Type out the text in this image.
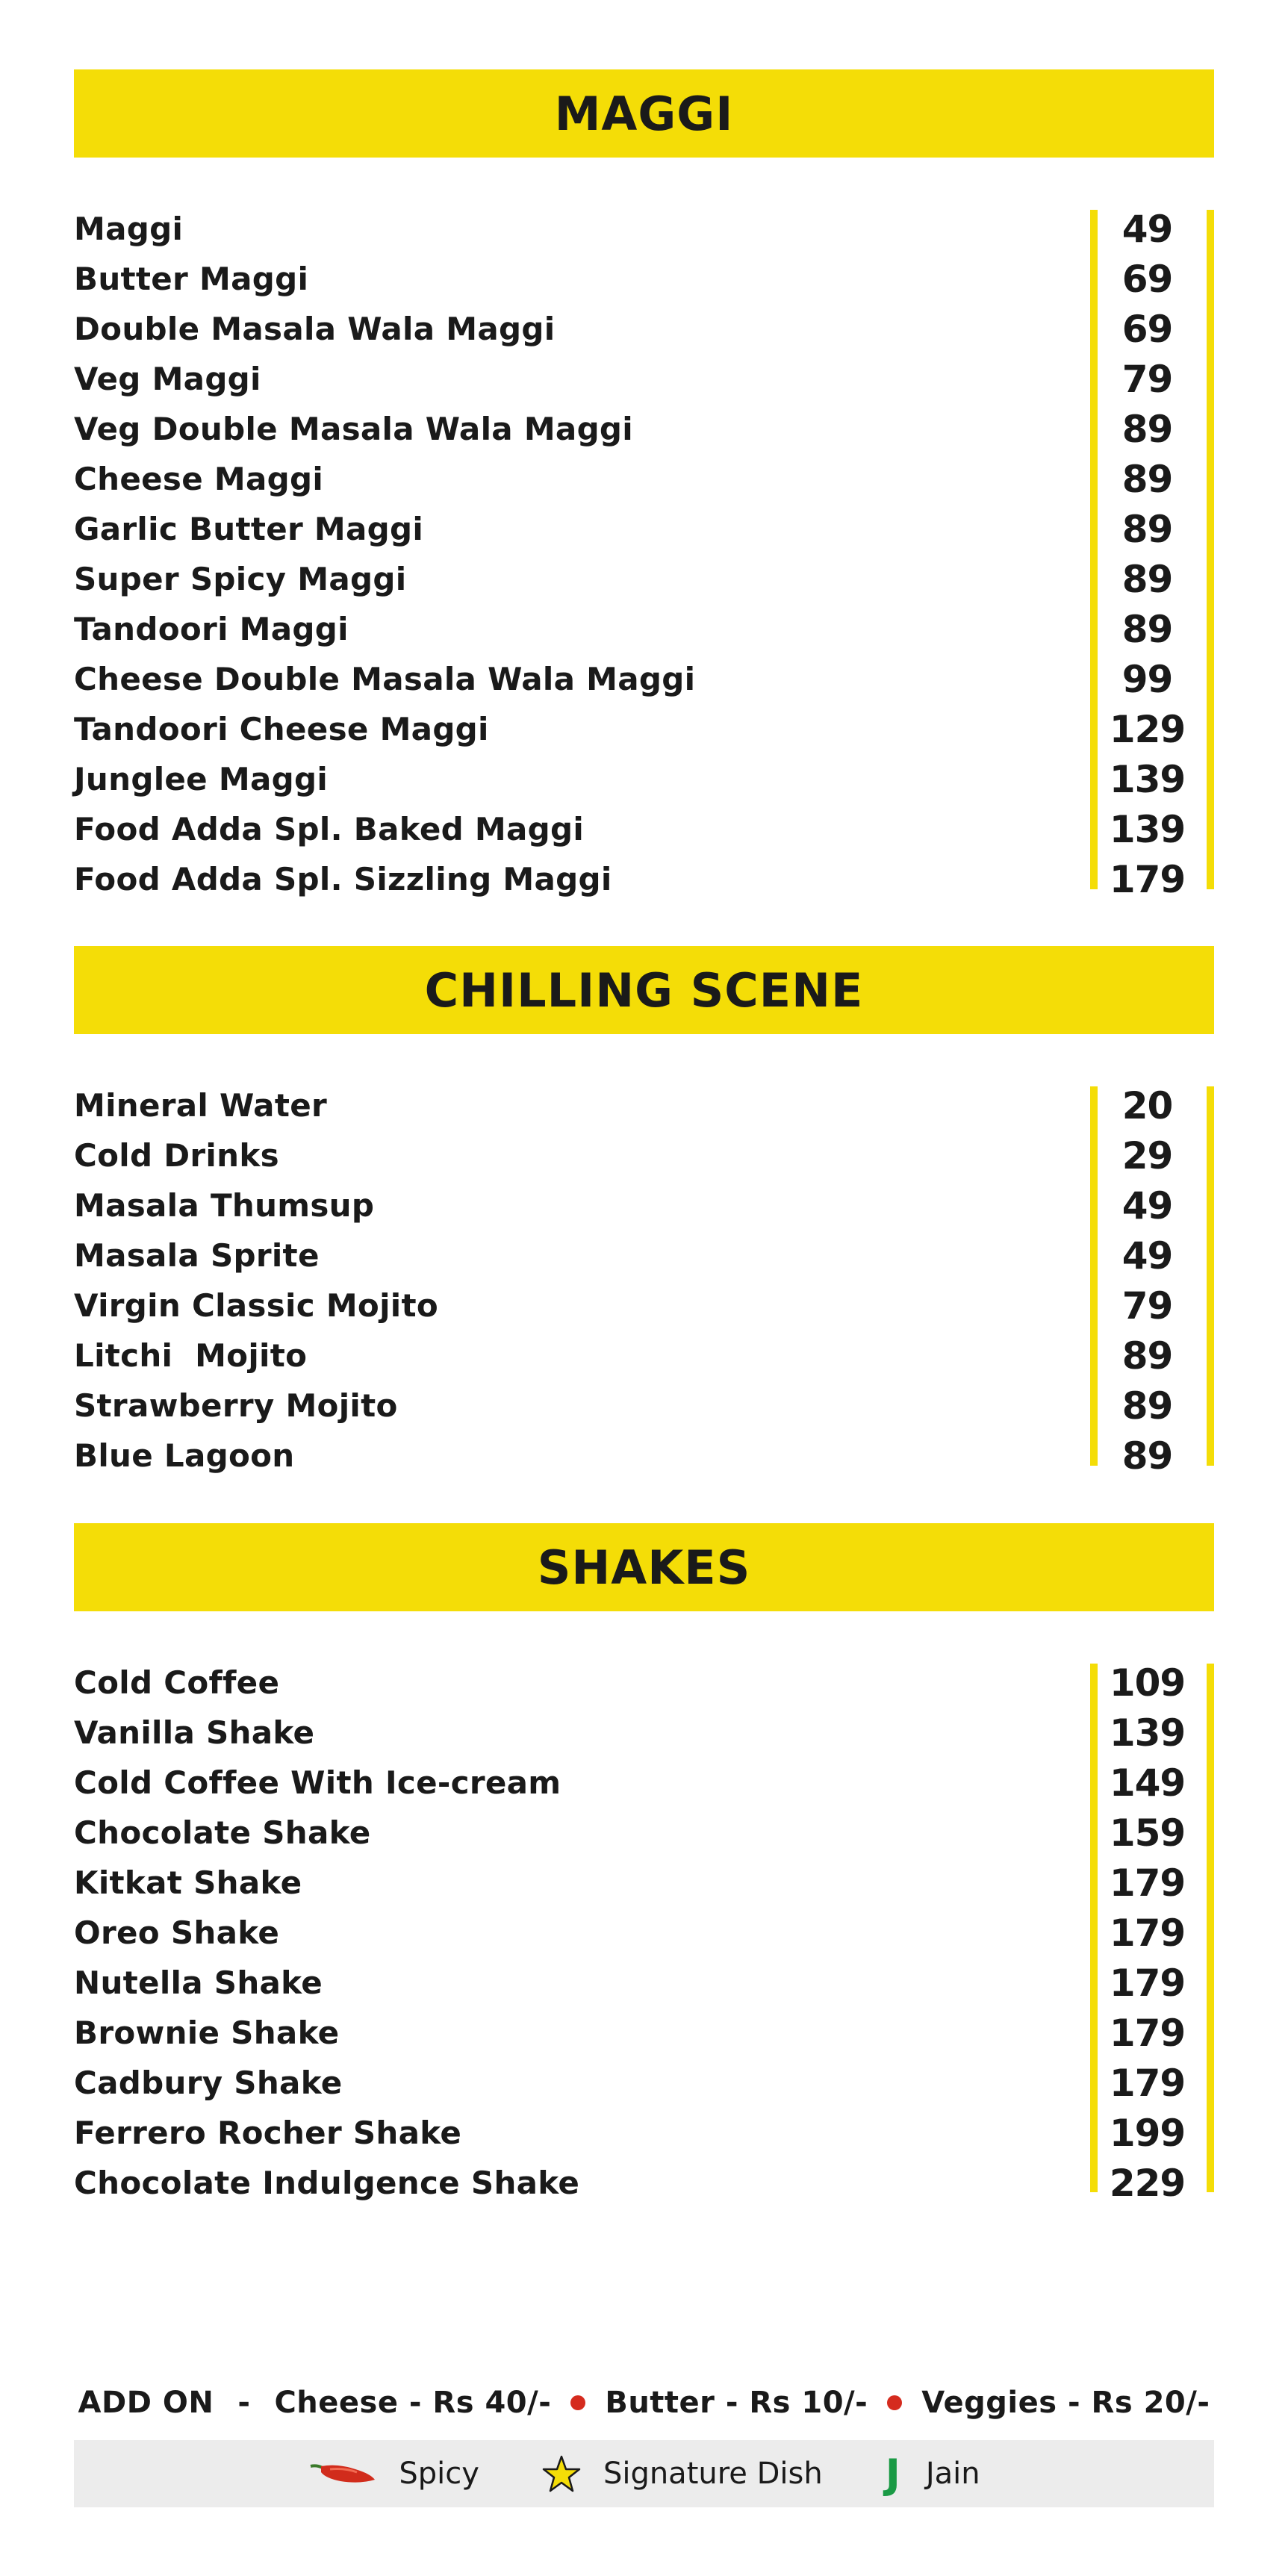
MAGGI
Maggi	49
Butter Maggi	69
Double Masala Wala Maggi	69
Veg Maggi	79
Veg Double Masala Wala Maggi	89
Cheese Maggi	89
Garlic Butter Maggi	89
Super Spicy Maggi	89
Tandoori Maggi	89
Cheese Double Masala Wala Maggi	99
Tandoori Cheese Maggi	129
Junglee Maggi	139
Food Adda Spl. Baked Maggi	139
Food Adda Spl. Sizzling Maggi	179
CHILLING SCENE
Mineral Water	20
Cold Drinks	29
Masala Thumsup	49
Masala Sprite	49
Virgin Classic Mojito	79
Litchi  Mojito	89
Strawberry Mojito	89
Blue Lagoon	89
SHAKES
Cold Coffee	109
Vanilla Shake	139
Cold Coffee With Ice-cream	149
Chocolate Shake	159
Kitkat Shake	179
Oreo Shake	179
Nutella Shake	179
Brownie Shake	179
Cadbury Shake	179
Ferrero Rocher Shake	199
Chocolate Indulgence Shake	229
ADD ON - Cheese - Rs 40/- Butter - Rs 10/- Veggies - Rs 20/-
Spicy	Signature Dish J Jain
